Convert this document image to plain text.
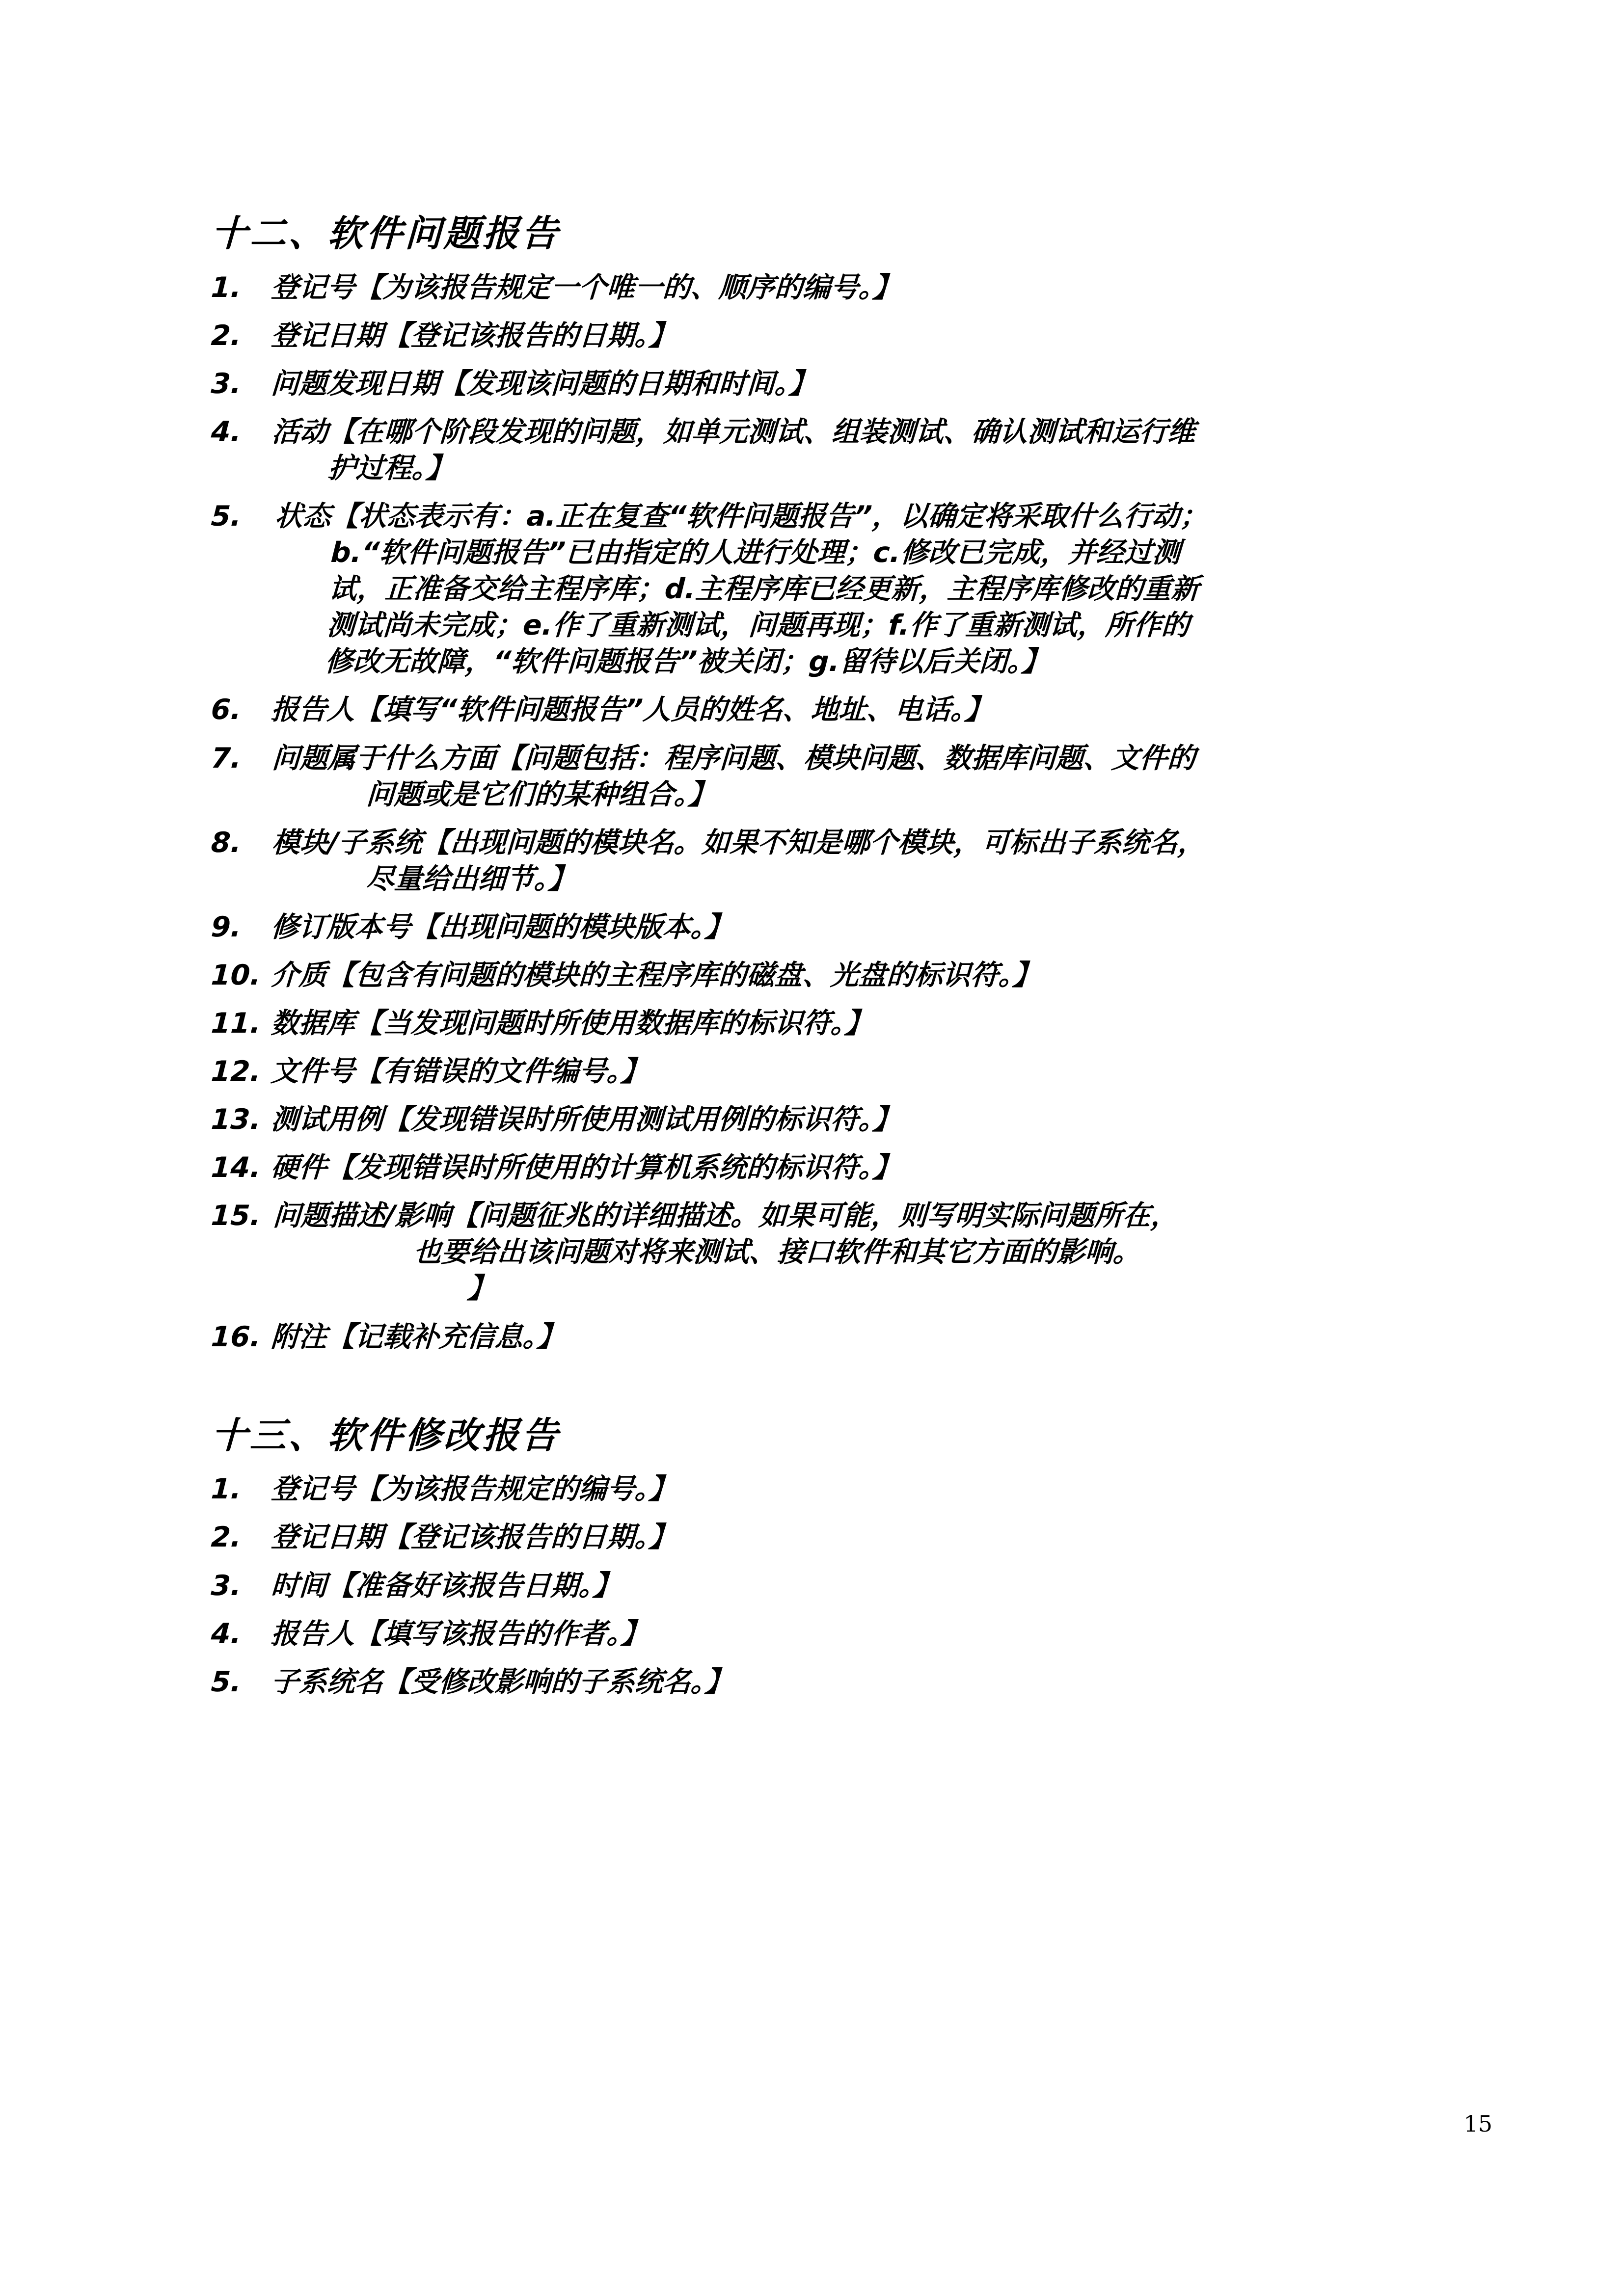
十二、软件问题报告
1.	登记号【为该报告规定一个唯一的、顺序的编号。】
2.	登记日期【登记该报告的日期。】
3.	问题发现日期【发现该问题的日期和时间。】
4.	活动【在哪个阶段发现的问题，如单元测试、组装测试、确认测试和运行维
护过程。】
5.	状态【状态表示有：a.正在复查“软件问题报告”，以确定将采取什么行动；
b.“软件问题报告”已由指定的人进行处理；c.修改已完成，并经过测
试，正准备交给主程序库；d.主程序库已经更新，主程序库修改的重新
测试尚未完成；e.作了重新测试，问题再现；f.作了重新测试，所作的
修改无故障，“软件问题报告”被关闭；g.留待以后关闭。】
6.	报告人【填写“软件问题报告”人员的姓名、地址、电话。】
7.	问题属于什么方面【问题包括：程序问题、模块问题、数据库问题、文件的
问题或是它们的某种组合。】
8.	模块/子系统【出现问题的模块名。如果不知是哪个模块，可标出子系统名，
尽量给出细节。】
9.	修订版本号【出现问题的模块版本。】
10. 介质【包含有问题的模块的主程序库的磁盘、光盘的标识符。】
11. 数据库【当发现问题时所使用数据库的标识符。】
12. 文件号【有错误的文件编号。】
13. 测试用例【发现错误时所使用测试用例的标识符。】
14. 硬件【发现错误时所使用的计算机系统的标识符。】
15. 问题描述/影响【问题征兆的详细描述。如果可能，则写明实际问题所在，
也要给出该问题对将来测试、接口软件和其它方面的影响。
】
16. 附注【记载补充信息。】
十三、软件修改报告
1.	登记号【为该报告规定的编号。】
2.	登记日期【登记该报告的日期。】
3.	时间【准备好该报告日期。】
4.	报告人【填写该报告的作者。】
5.	子系统名【受修改影响的子系统名。】
15
